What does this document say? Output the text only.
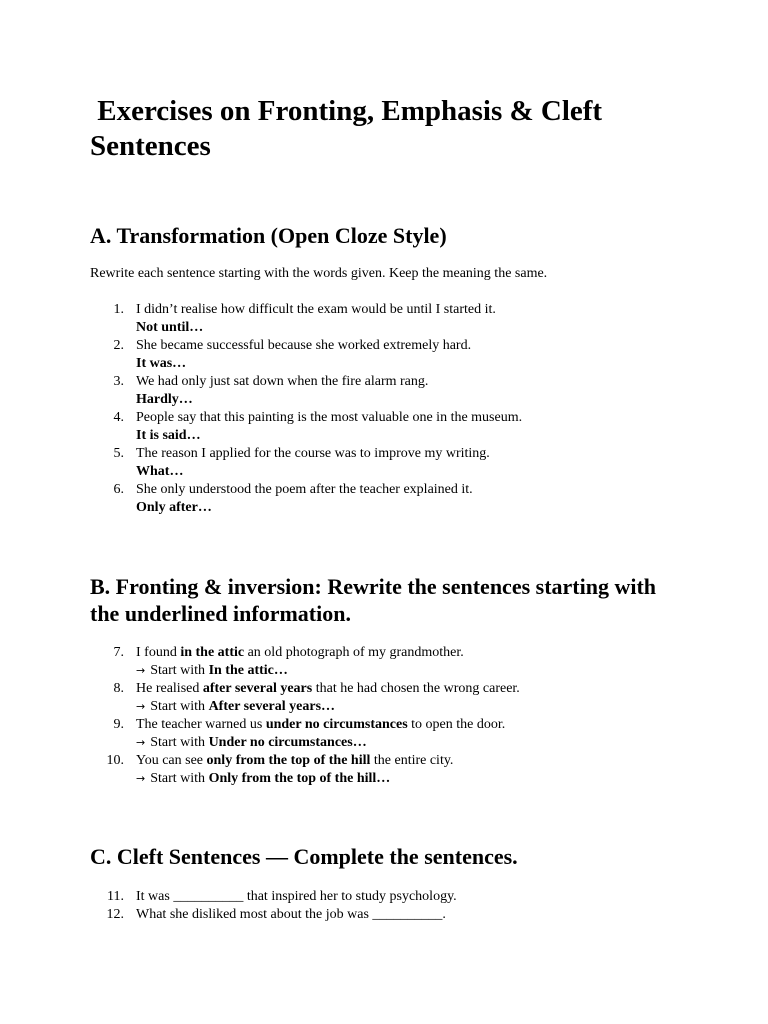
Exercises on Fronting, Emphasis & Cleft Sentences
A. Transformation (Open Cloze Style)

Rewrite each sentence starting with the words given. Keep the meaning the same.

1. I didn’t realise how difficult the exam would be until I started it.
Not until…
2. She became successful because she worked extremely hard.
It was…
3. We had only just sat down when the fire alarm rang.
Hardly…
4. People say that this painting is the most valuable one in the museum.
It is said…
5. The reason I applied for the course was to improve my writing.
What…
6. She only understood the poem after the teacher explained it.
Only after…
B. Fronting & inversion: Rewrite the sentences starting with the underlined information.
7. I found in the attic an old photograph of my grandmother.
→ Start with In the attic…
8. He realised after several years that he had chosen the wrong career.
→ Start with After several years…
9. The teacher warned us under no circumstances to open the door.
→ Start with Under no circumstances…
10. You can see only from the top of the hill the entire city.
→ Start with Only from the top of the hill…
C. Cleft Sentences — Complete the sentences.
11. It was __________ that inspired her to study psychology.
12. What she disliked most about the job was __________.
